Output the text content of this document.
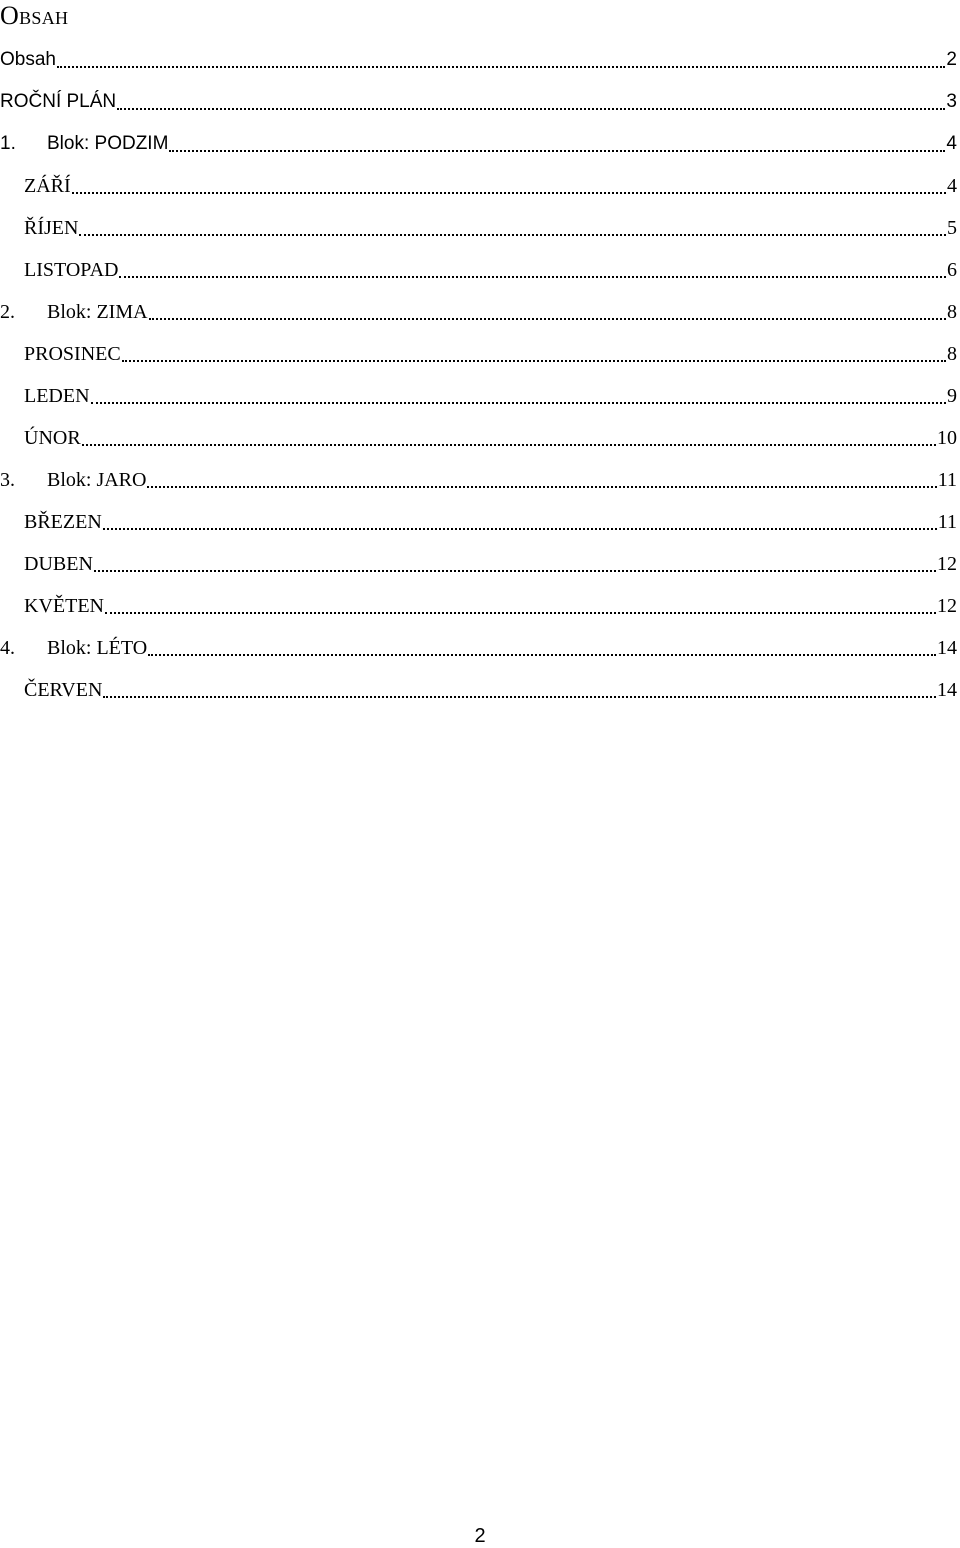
Obsah
Obsah	2
ROČNÍ PLÁN	3
1.	Blok: PODZIM	4
ZÁŘÍ	4
ŘÍJEN	5
LISTOPAD	6
2.	Blok: ZIMA	8
PROSINEC	8
LEDEN	9
ÚNOR	10
3.	Blok: JARO	11
BŘEZEN	11
DUBEN	12
KVĚTEN	12
4.	Blok: LÉTO	14
ČERVEN	14
2
